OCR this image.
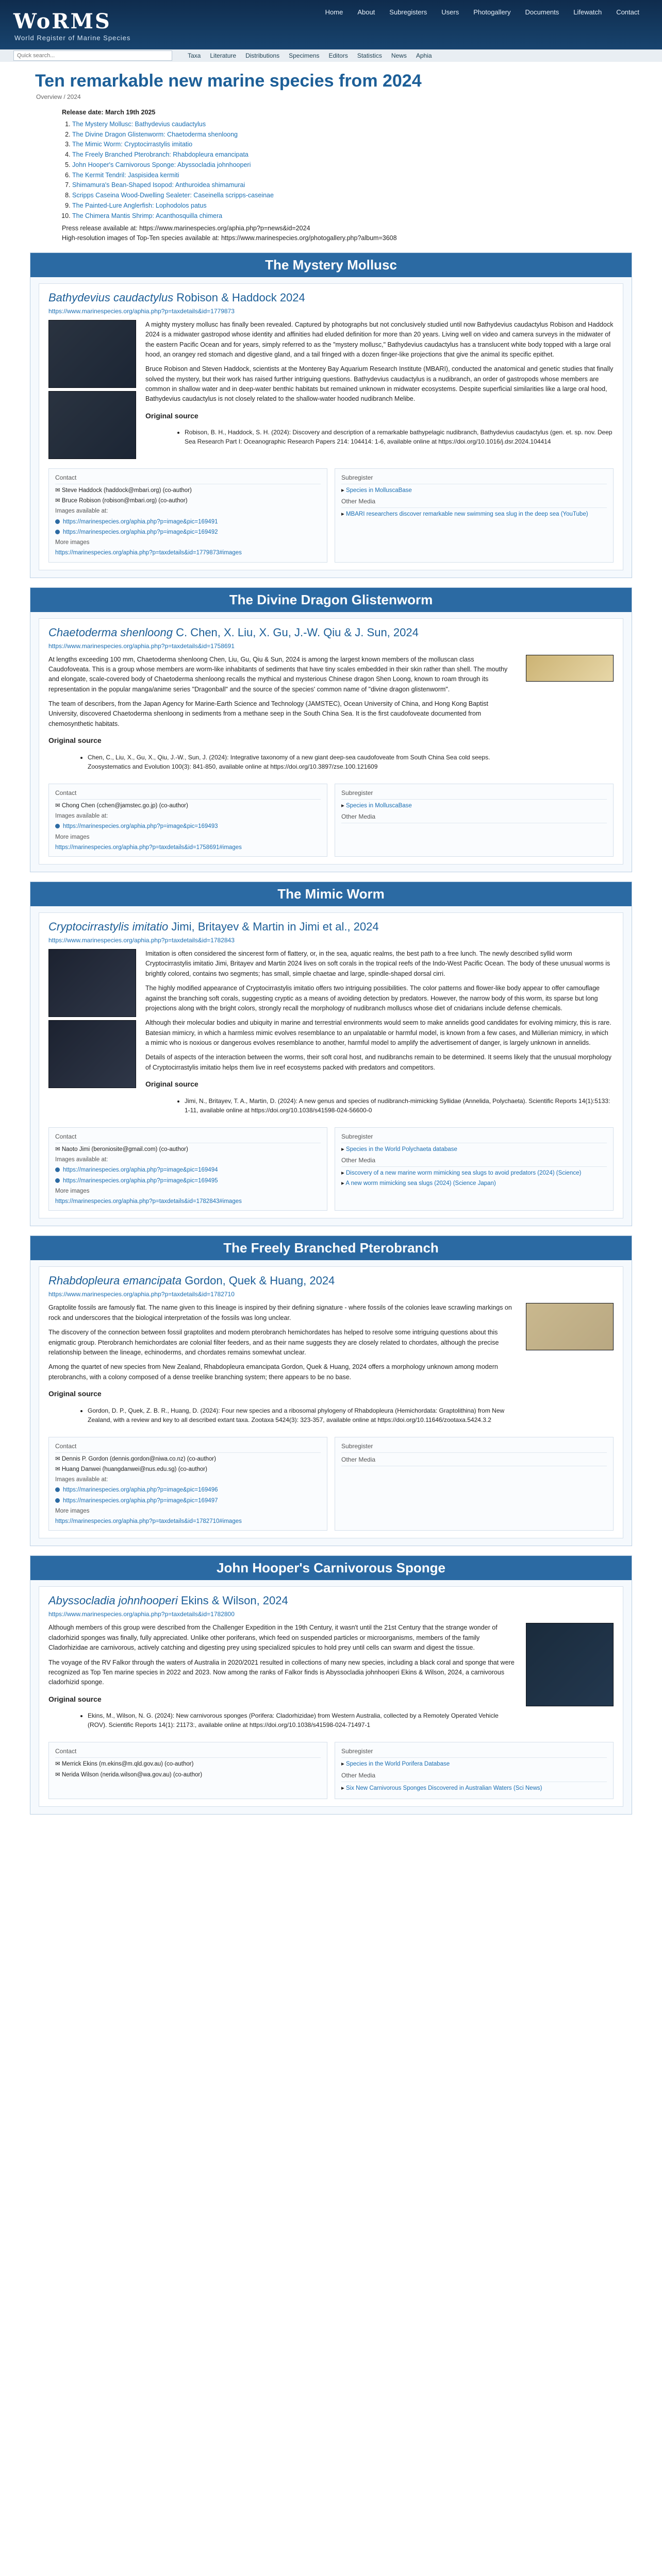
WoRMS
World Register of Marine Species
Home	About	Subregisters	Users	Photogallery	Documents	Lifewatch	Contact
Quick search...	Taxa Literature Distributions Specimens Editors Statistics News Aphia
Ten remarkable new marine species from 2024
Overview / 2024
Release date: March 19th 2025
1. The Mystery Mollusc: Bathydevius caudactylus
2. The Divine Dragon Glistenworm: Chaetoderma shenloong
3. The Mimic Worm: Cryptocirrastylis imitatio
4. The Freely Branched Pterobranch: Rhabdopleura emancipata
5. John Hooper's Carnivorous Sponge: Abyssocladia johnhooperi
6. The Kermit Tendril: Jaspisidea kermiti
7. Shimamura's Bean-Shaped Isopod: Anthuroidea shimamurai
8. Scripps Caseina Wood-Dwelling Sealeter: Caseinella scripps-caseinae
9. The Painted-Lure Anglerfish: Lophodolos patus
10. The Chimera Mantis Shrimp: Acanthosquilla chimera
Press release available at: https://www.marinespecies.org/aphia.php?p=news&id=2024
High-resolution images of Top-Ten species available at: https://www.marinespecies.org/photogallery.php?album=3608
The Mystery Mollusc
Bathydevius caudactylus Robison & Haddock 2024
https://www.marinespecies.org/aphia.php?p=taxdetails&id=1779873

A mighty mystery mollusc has finally been revealed. Captured by photographs but not conclusively studied until now Bathydevius caudactylus Robison and Haddock 2024 is a midwater gastropod whose identity and affinities had eluded definition for more than 20 years. Living well on video and camera surveys in the midwater of the eastern Pacific Ocean and for years, simply referred to as the "mystery mollusc," Bathydevius caudactylus has a translucent white body topped with a large oral hood, an orangey red stomach and digestive gland, and a tail fringed with a dozen finger-like projections that give the animal its specific epithet.

Bruce Robison and Steven Haddock, scientists at the Monterey Bay Aquarium Research Institute (MBARI), conducted the anatomical and genetic studies that finally solved the mystery, but their work has raised further intriguing questions. Bathydevius caudactylus is a nudibranch, an order of gastropods whose members are common in shallow water and in deep-water benthic habitats but remained unknown in midwater ecosystems. Despite superficial similarities like a large oral hood, Bathydevius caudactylus is not closely related to the shallow-water hooded nudibranch Melibe.

Original source
• Robison, B. H., Haddock, S. H. (2024): Discovery and description of a remarkable bathypelagic nudibranch, Bathydevius caudactylus (gen. et. sp. nov. Deep Sea Research Part I: Oceanographic Research Papers 214: 104414: 1-6, available online at https://doi.org/10.1016/j.dsr.2024.104414
Contact
✉ Steve Haddock (haddock@mbari.org) (co-author)
✉ Bruce Robison (robison@mbari.org) (co-author)
Images available at:
https://marinespecies.org/aphia.php?p=image&pic=169491
https://marinespecies.org/aphia.php?p=image&pic=169492
More images
https://marinespecies.org/aphia.php?p=taxdetails&id=1779873#images
Subregister
▸ Species in MolluscaBase
Other Media
▸ MBARI researchers discover remarkable new swimming sea slug in the deep sea (YouTube)
The Divine Dragon Glistenworm
Chaetoderma shenloong C. Chen, X. Liu, X. Gu, J.-W. Qiu & J. Sun, 2024
https://www.marinespecies.org/aphia.php?p=taxdetails&id=1758691

At lengths exceeding 100 mm, Chaetoderma shenloong Chen, Liu, Gu, Qiu & Sun, 2024 is among the largest known members of the molluscan class Caudofoveata. This is a group whose members are worm-like inhabitants of sediments that have tiny scales embedded in their skin rather than shell. The mouthy and elongate, scale-covered body of Chaetoderma shenloong recalls the mythical and mysterious Chinese dragon Shen Loong, known to roam through its representation in the popular manga/anime series "Dragonball" and the source of the species' common name of "divine dragon glistenworm".

The team of describers, from the Japan Agency for Marine-Earth Science and Technology (JAMSTEC), Ocean University of China, and Hong Kong Baptist University, discovered Chaetoderma shenloong in sediments from a methane seep in the South China Sea. It is the first caudofoveate documented from chemosynthetic habitats.

Original source
• Chen, C., Liu, X., Gu, X., Qiu, J.-W., Sun, J. (2024): Integrative taxonomy of a new giant deep-sea caudofoveate from South China Sea cold seeps. Zoosystematics and Evolution 100(3): 841-850, available online at https://doi.org/10.3897/zse.100.121609
Contact
✉ Chong Chen (cchen@jamstec.go.jp) (co-author)
Images available at:
https://marinespecies.org/aphia.php?p=image&pic=169493
More images
https://marinespecies.org/aphia.php?p=taxdetails&id=1758691#images
Subregister
▸ Species in MolluscaBase
Other Media
The Mimic Worm
Cryptocirrastylis imitatio Jimi, Britayev & Martin in Jimi et al., 2024
https://www.marinespecies.org/aphia.php?p=taxdetails&id=1782843

Imitation is often considered the sincerest form of flattery, or, in the sea, aquatic realms, the best path to a free lunch. The newly described syllid worm Cryptocirrastylis imitatio Jimi, Britayev and Martin 2024 lives on soft corals in the tropical reefs of the Indo-West Pacific Ocean. The body of these unusual worms is brightly colored, contains two segments; has small, simple chaetae and large, spindle-shaped dorsal cirri.

The highly modified appearance of Cryptocirrastylis imitatio offers two intriguing possibilities. The color patterns and flower-like body appear to offer camouflage against the branching soft corals, suggesting cryptic as a means of avoiding detection by predators. However, the narrow body of this worm, its sparse but long projections along with the bright colors, strongly recall the morphology of nudibranch molluscs whose diet of cnidarians include defense chemicals.

Although their molecular bodies and ubiquity in marine and terrestrial environments would seem to make annelids good candidates for evolving mimicry, this is rare. Batesian mimicry, in which a harmless mimic evolves resemblance to an unpalatable or harmful model, is known from a few cases, and Müllerian mimicry, in which a mimic who is noxious or dangerous evolves resemblance to another, harmful model to amplify the advertisement of danger, is largely unknown in annelids.

Details of aspects of the interaction between the worms, their soft coral host, and nudibranchs remain to be determined. It seems likely that the unusual morphology of Cryptocirrastylis imitatio helps them live in reef ecosystems packed with predators and competitors.

Original source
• Jimi, N., Britayev, T. A., Martin, D. (2024): A new genus and species of nudibranch-mimicking Syllidae (Annelida, Polychaeta). Scientific Reports 14(1):5133: 1-11, available online at https://doi.org/10.1038/s41598-024-56600-0
Contact
✉ Naoto Jimi (beroniosite@gmail.com) (co-author)
Images available at:
https://marinespecies.org/aphia.php?p=image&pic=169494
https://marinespecies.org/aphia.php?p=image&pic=169495
More images
https://marinespecies.org/aphia.php?p=taxdetails&id=1782843#images
Subregister
▸ Species in the World Polychaeta database
Other Media
▸ Discovery of a new marine worm mimicking sea slugs to avoid predators (2024) (Science)
▸ A new worm mimicking sea slugs (2024) (Science Japan)
The Freely Branched Pterobranch
Rhabdopleura emancipata Gordon, Quek & Huang, 2024
https://www.marinespecies.org/aphia.php?p=taxdetails&id=1782710

Graptolite fossils are famously flat. The name given to this lineage is inspired by their defining signature - where fossils of the colonies leave scrawling markings on rock and underscores that the biological interpretation of the fossils was long unclear.

The discovery of the connection between fossil graptolites and modern pterobranch hemichordates has helped to resolve some intriguing questions about this enigmatic group. Pterobranch hemichordates are colonial filter feeders, and as their name suggests they are closely related to chordates, although the precise relationship between the lineage, echinoderms, and chordates remains somewhat unclear.

Among the quartet of new species from New Zealand, Rhabdopleura emancipata Gordon, Quek & Huang, 2024 offers a morphology unknown among modern pterobranchs, with a colony composed of a dense treelike branching system; there appears to be no base.

Original source
• Gordon, D. P., Quek, Z. B. R., Huang, D. (2024): Four new species and a ribosomal phylogeny of Rhabdopleura (Hemichordata: Graptolithina) from New Zealand, with a review and key to all described extant taxa. Zootaxa 5424(3): 323-357, available online at https://doi.org/10.11646/zootaxa.5424.3.2
Contact
✉ Dennis P. Gordon (dennis.gordon@niwa.co.nz) (co-author)
✉ Huang Danwei (huangdanwei@nus.edu.sg) (co-author)
Images available at:
https://marinespecies.org/aphia.php?p=image&pic=169496
https://marinespecies.org/aphia.php?p=image&pic=169497
More images
https://marinespecies.org/aphia.php?p=taxdetails&id=1782710#images
Subregister
Other Media
John Hooper's Carnivorous Sponge
Abyssocladia johnhooperi Ekins & Wilson, 2024
https://www.marinespecies.org/aphia.php?p=taxdetails&id=1782800

Although members of this group were described from the Challenger Expedition in the 19th Century, it wasn't until the 21st Century that the strange wonder of cladorhizid sponges was finally, fully appreciated. Unlike other poriferans, which feed on suspended particles or microorganisms, members of the family Cladorhizidae are carnivorous, actively catching and digesting prey using specialized spicules to hold prey until cells can swarm and digest the tissue.

The voyage of the RV Falkor through the waters of Australia in 2020/2021 resulted in collections of many new species, including a black coral and sponge that were recognized as Top Ten marine species in 2022 and 2023. Now among the ranks of Falkor finds is Abyssocladia johnhooperi Ekins & Wilson, 2024, a carnivorous cladorhizid sponge.

Original source
• Ekins, M., Wilson, N. G. (2024): New carnivorous sponges (Porifera: Cladorhizidae) from Western Australia, collected by a Remotely Operated Vehicle (ROV). Scientific Reports 14(1): 21173:, available online at https://doi.org/10.1038/s41598-024-71497-1
Contact
✉ Merrick Ekins (m.ekins@m.qld.gov.au) (co-author)
✉ Nerida Wilson (nerida.wilson@wa.gov.au) (co-author)
Subregister
▸ Species in the World Porifera Database
Other Media
▸ Six New Carnivorous Sponges Discovered in Australian Waters (Sci News)
